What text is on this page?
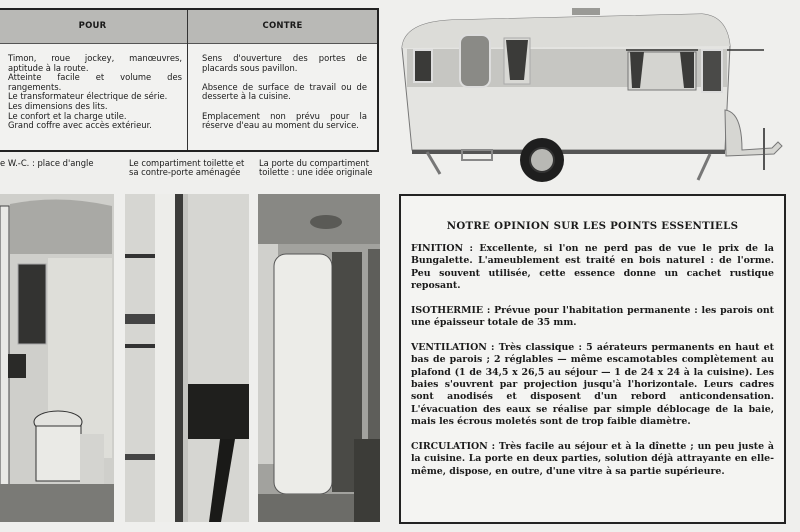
POUR	CONTRE

Timon, roue jockey, manœuvres, aptitude à la route.

Atteinte facile et volume des rangements.

Le transformateur électrique de série.

Les dimensions des lits.

Le confort et la charge utile.

Grand coffre avec accès extérieur.

Sens d'ouverture des portes de placards sous pavillon.

Absence de surface de travail ou de desserte à la cuisine.

Emplacement non prévu pour la réserve d'eau au moment du service.

e W.-C. : place d'angle	Le compartiment toilette et sa contre-porte aménagée
La porte du compartiment toilette : une idée originale
NOTRE OPINION SUR LES POINTS ESSENTIELS

FINITION : Excellente, si l'on ne perd pas de vue le prix de la Bungalette. L'ameublement est traité en bois naturel : de l'orme. Peu souvent utilisée, cette essence donne un cachet rustique reposant.

ISOTHERMIE : Prévue pour l'habitation permanente : les parois ont une épaisseur totale de 35 mm.

VENTILATION : Très classique : 5 aérateurs permanents en haut et bas de parois ; 2 réglables — même escamotables complètement au plafond (1 de 34,5 x 26,5 au séjour — 1 de 24 x 24 à la cuisine). Les baies s'ouvrent par projection jusqu'à l'horizontale. Leurs cadres sont anodisés et disposent d'un rebord anticondensation. L'évacuation des eaux se réalise par simple déblocage de la baie, mais les écrous moletés sont de trop faible diamètre.

CIRCULATION : Très facile au séjour et à la dînette ; un peu juste à la cuisine. La porte en deux parties, solution déjà attrayante en elle-même, dispose, en outre, d'une vitre à sa partie supérieure.
